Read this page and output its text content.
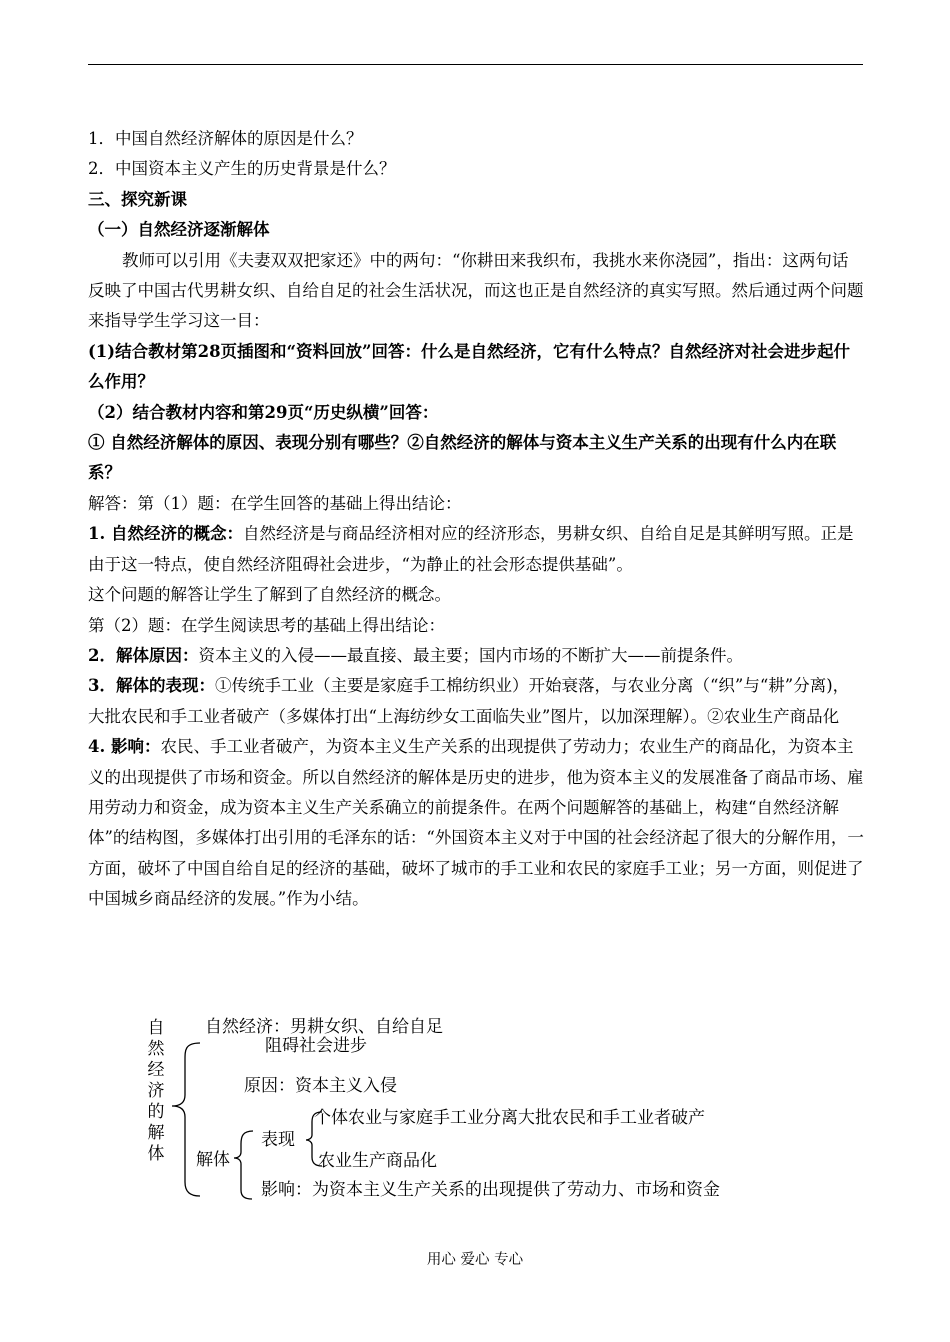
1．中国自然经济解体的原因是什么？

2．中国资本主义产生的历史背景是什么？

三、探究新课

（一）自然经济逐渐解体

教师可以引用《夫妻双双把家还》中的两句：“你耕田来我织布，我挑水来你浇园”，指出：这两句话反映了中国古代男耕女织、自给自足的社会生活状况，而这也正是自然经济的真实写照。然后通过两个问题来指导学生学习这一目：

(1)结合教材第28页插图和“资料回放”回答：什么是自然经济，它有什么特点？自然经济对社会进步起什么作用？

（2）结合教材内容和第29页“历史纵横”回答：

① 自然经济解体的原因、表现分别有哪些？②自然经济的解体与资本主义生产关系的出现有什么内在联系？

解答：第（1）题：在学生回答的基础上得出结论：

1. 自然经济的概念：自然经济是与商品经济相对应的经济形态，男耕女织、自给自足是其鲜明写照。正是由于这一特点，使自然经济阻碍社会进步，“为静止的社会形态提供基础”。

这个问题的解答让学生了解到了自然经济的概念。

第（2）题：在学生阅读思考的基础上得出结论：

2．解体原因：资本主义的入侵——最直接、最主要；国内市场的不断扩大——前提条件。

3．解体的表现：①传统手工业（主要是家庭手工棉纺织业）开始衰落，与农业分离（“织”与“耕”分离)，大批农民和手工业者破产（多媒体打出“上海纺纱女工面临失业”图片，以加深理解）。②农业生产商品化

4. 影响：农民、手工业者破产，为资本主义生产关系的出现提供了劳动力；农业生产的商品化，为资本主义的出现提供了市场和资金。所以自然经济的解体是历史的进步，他为资本主义的发展准备了商品市场、雇用劳动力和资金，成为资本主义生产关系确立的前提条件。在两个问题解答的基础上，构建“自然经济解体”的结构图，多媒体打出引用的毛泽东的话：“外国资本主义对于中国的社会经济起了很大的分解作用，一方面，破坏了中国自给自足的经济的基础，破坏了城市的手工业和农民的家庭手工业；另一方面，则促进了中国城乡商品经济的发展。”作为小结。

自然经济的解体
自然经济：男耕女织、自给自足
阻碍社会进步
原因：资本主义入侵
解体
表现
个体农业与家庭手工业分离大批农民和手工业者破产
农业生产商品化
影响：为资本主义生产关系的出现提供了劳动力、市场和资金
用心 爱心 专心
